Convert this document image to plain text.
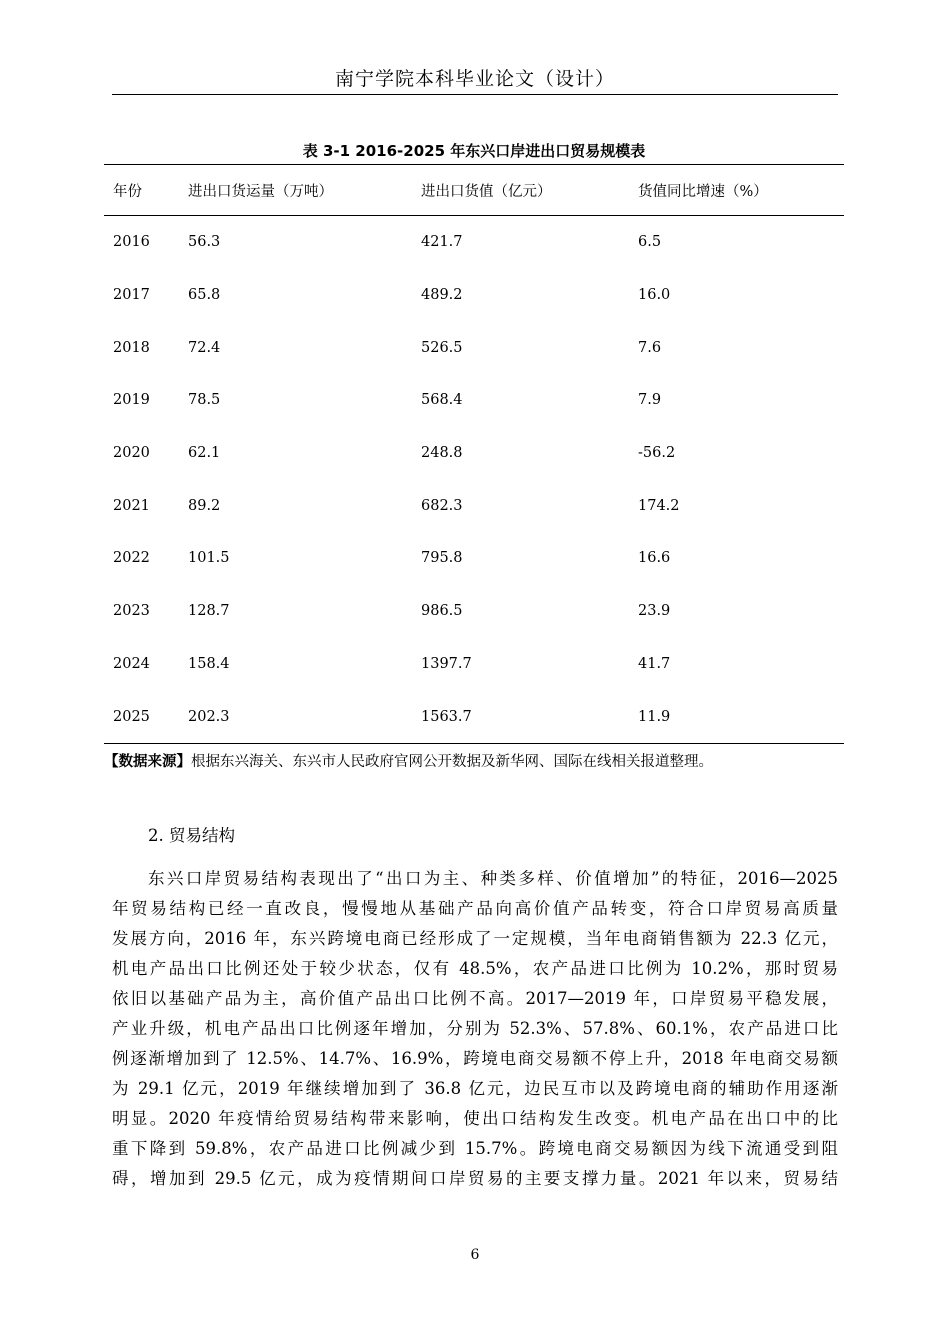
南宁学院本科毕业论文（设计）
表 3-1 2016-2025 年东兴口岸进出口贸易规模表
年份	进出口货运量（万吨）	进出口货值（亿元）	货值同比增速（%）
2016	56.3	421.7	6.5
2017	65.8	489.2	16.0
2018	72.4	526.5	7.6
2019	78.5	568.4	7.9
2020	62.1	248.8	-56.2
2021	89.2	682.3	174.2
2022	101.5	795.8	16.6
2023	128.7	986.5	23.9
2024	158.4	1397.7	41.7
2025	202.3	1563.7	11.9
【数据来源】根据东兴海关、东兴市人民政府官网公开数据及新华网、国际在线相关报道整理。
2. 贸易结构
东兴口岸贸易结构表现出了“出口为主、种类多样、价值增加”的特征，2016—2025
年贸易结构已经一直改良，慢慢地从基础产品向高价值产品转变，符合口岸贸易高质量
发展方向，2016 年，东兴跨境电商已经形成了一定规模，当年电商销售额为 22.3 亿元，
机电产品出口比例还处于较少状态，仅有 48.5%，农产品进口比例为 10.2%，那时贸易
依旧以基础产品为主，高价值产品出口比例不高。2017—2019 年，口岸贸易平稳发展，
产业升级，机电产品出口比例逐年增加，分别为 52.3%、57.8%、60.1%，农产品进口比
例逐渐增加到了 12.5%、14.7%、16.9%，跨境电商交易额不停上升，2018 年电商交易额
为 29.1 亿元，2019 年继续增加到了 36.8 亿元，边民互市以及跨境电商的辅助作用逐渐
明显。2020 年疫情给贸易结构带来影响，使出口结构发生改变。机电产品在出口中的比
重下降到 59.8%，农产品进口比例减少到 15.7%。跨境电商交易额因为线下流通受到阻
碍，增加到 29.5 亿元，成为疫情期间口岸贸易的主要支撑力量。2021 年以来，贸易结
6
